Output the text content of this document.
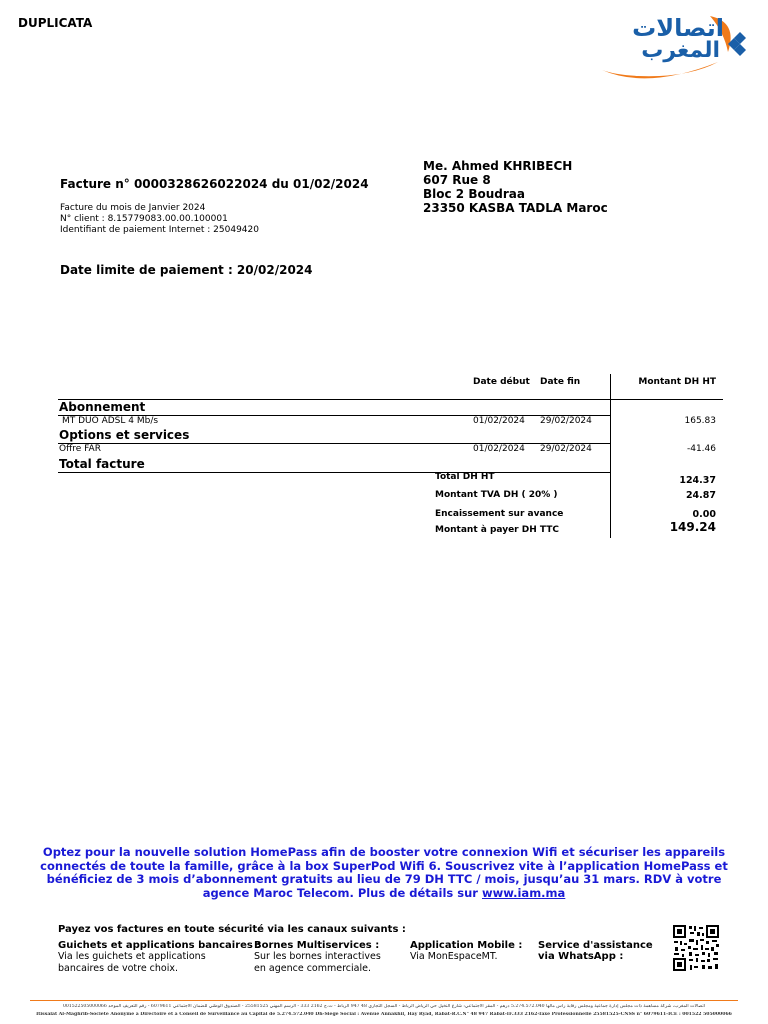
DUPLICATA	اتصالات
المغرب
Facture n° 0000328626022024 du 01/02/2024
Facture du mois de Janvier 2024
N° client : 8.15779083.00.00.100001
Identifiant de paiement Internet : 25049420
Date limite de paiement : 20/02/2024
Me. Ahmed KHRIBECH
607 Rue 8
Bloc 2 Boudraa
23350 KASBA TADLA Maroc
Date début Date fin	Montant DH HT
Abonnement
MT DUO ADSL 4 Mb/s	01/02/2024 29/02/2024	165.83
Options et services
Offre FAR	01/02/2024 29/02/2024	-41.46
Total facture
Total DH HT	124.37
Montant TVA DH ( 20% )	24.87
Encaissement sur avance	0.00
Montant à payer DH TTC	149.24
Optez pour la nouvelle solution HomePass afin de booster votre connexion Wifi et sécuriser les appareils connectés de toute la famille, grâce à la box SuperPod Wifi 6. Souscrivez vite à l’application HomePass et bénéficiez de 3 mois d’abonnement gratuits au lieu de 79 DH TTC / mois, jusqu’au 31 mars. RDV à votre agence Maroc Telecom. Plus de détails sur www.iam.ma
Payez vos factures en toute sécurité via les canaux suivants :
Guichets et applications bancaires :
Via les guichets et applications bancaires de votre choix.
Bornes Multiservices :
Sur les bornes interactives en agence commerciale.
Application Mobile :
Via MonEspaceMT.
Service d'assistance
via WhatsApp :
اتصالات المغرب، شركة مساهمة ذات مجلس إدارة جماعية ومجلس رقابة رأس مالها 5.274.572.040 درهم - المقر الاجتماعي: شارع النخيل حي الرياض الرباط - السجل التجاري 48 947 الرباط - ت.ج 2162 333 - الرسم المهني 25581525 - الصندوق الوطني للضمان الاجتماعي 6079611 - رقم التعريف الموحد 001522505000066
Itissalat Al-Maghrib-Société Anonyme à Directoire et à Conseil de Surveillance au Capital de 5.274.572.040 Dh-Siège Social : Avenue Annakhil, Hay Ryad, Rabat-R.C.N° 48 947 Rabat-IF.333 2162-Taxe Professionnelle 25581525-CNSS n° 6079611-ICE : 001522 505000066
